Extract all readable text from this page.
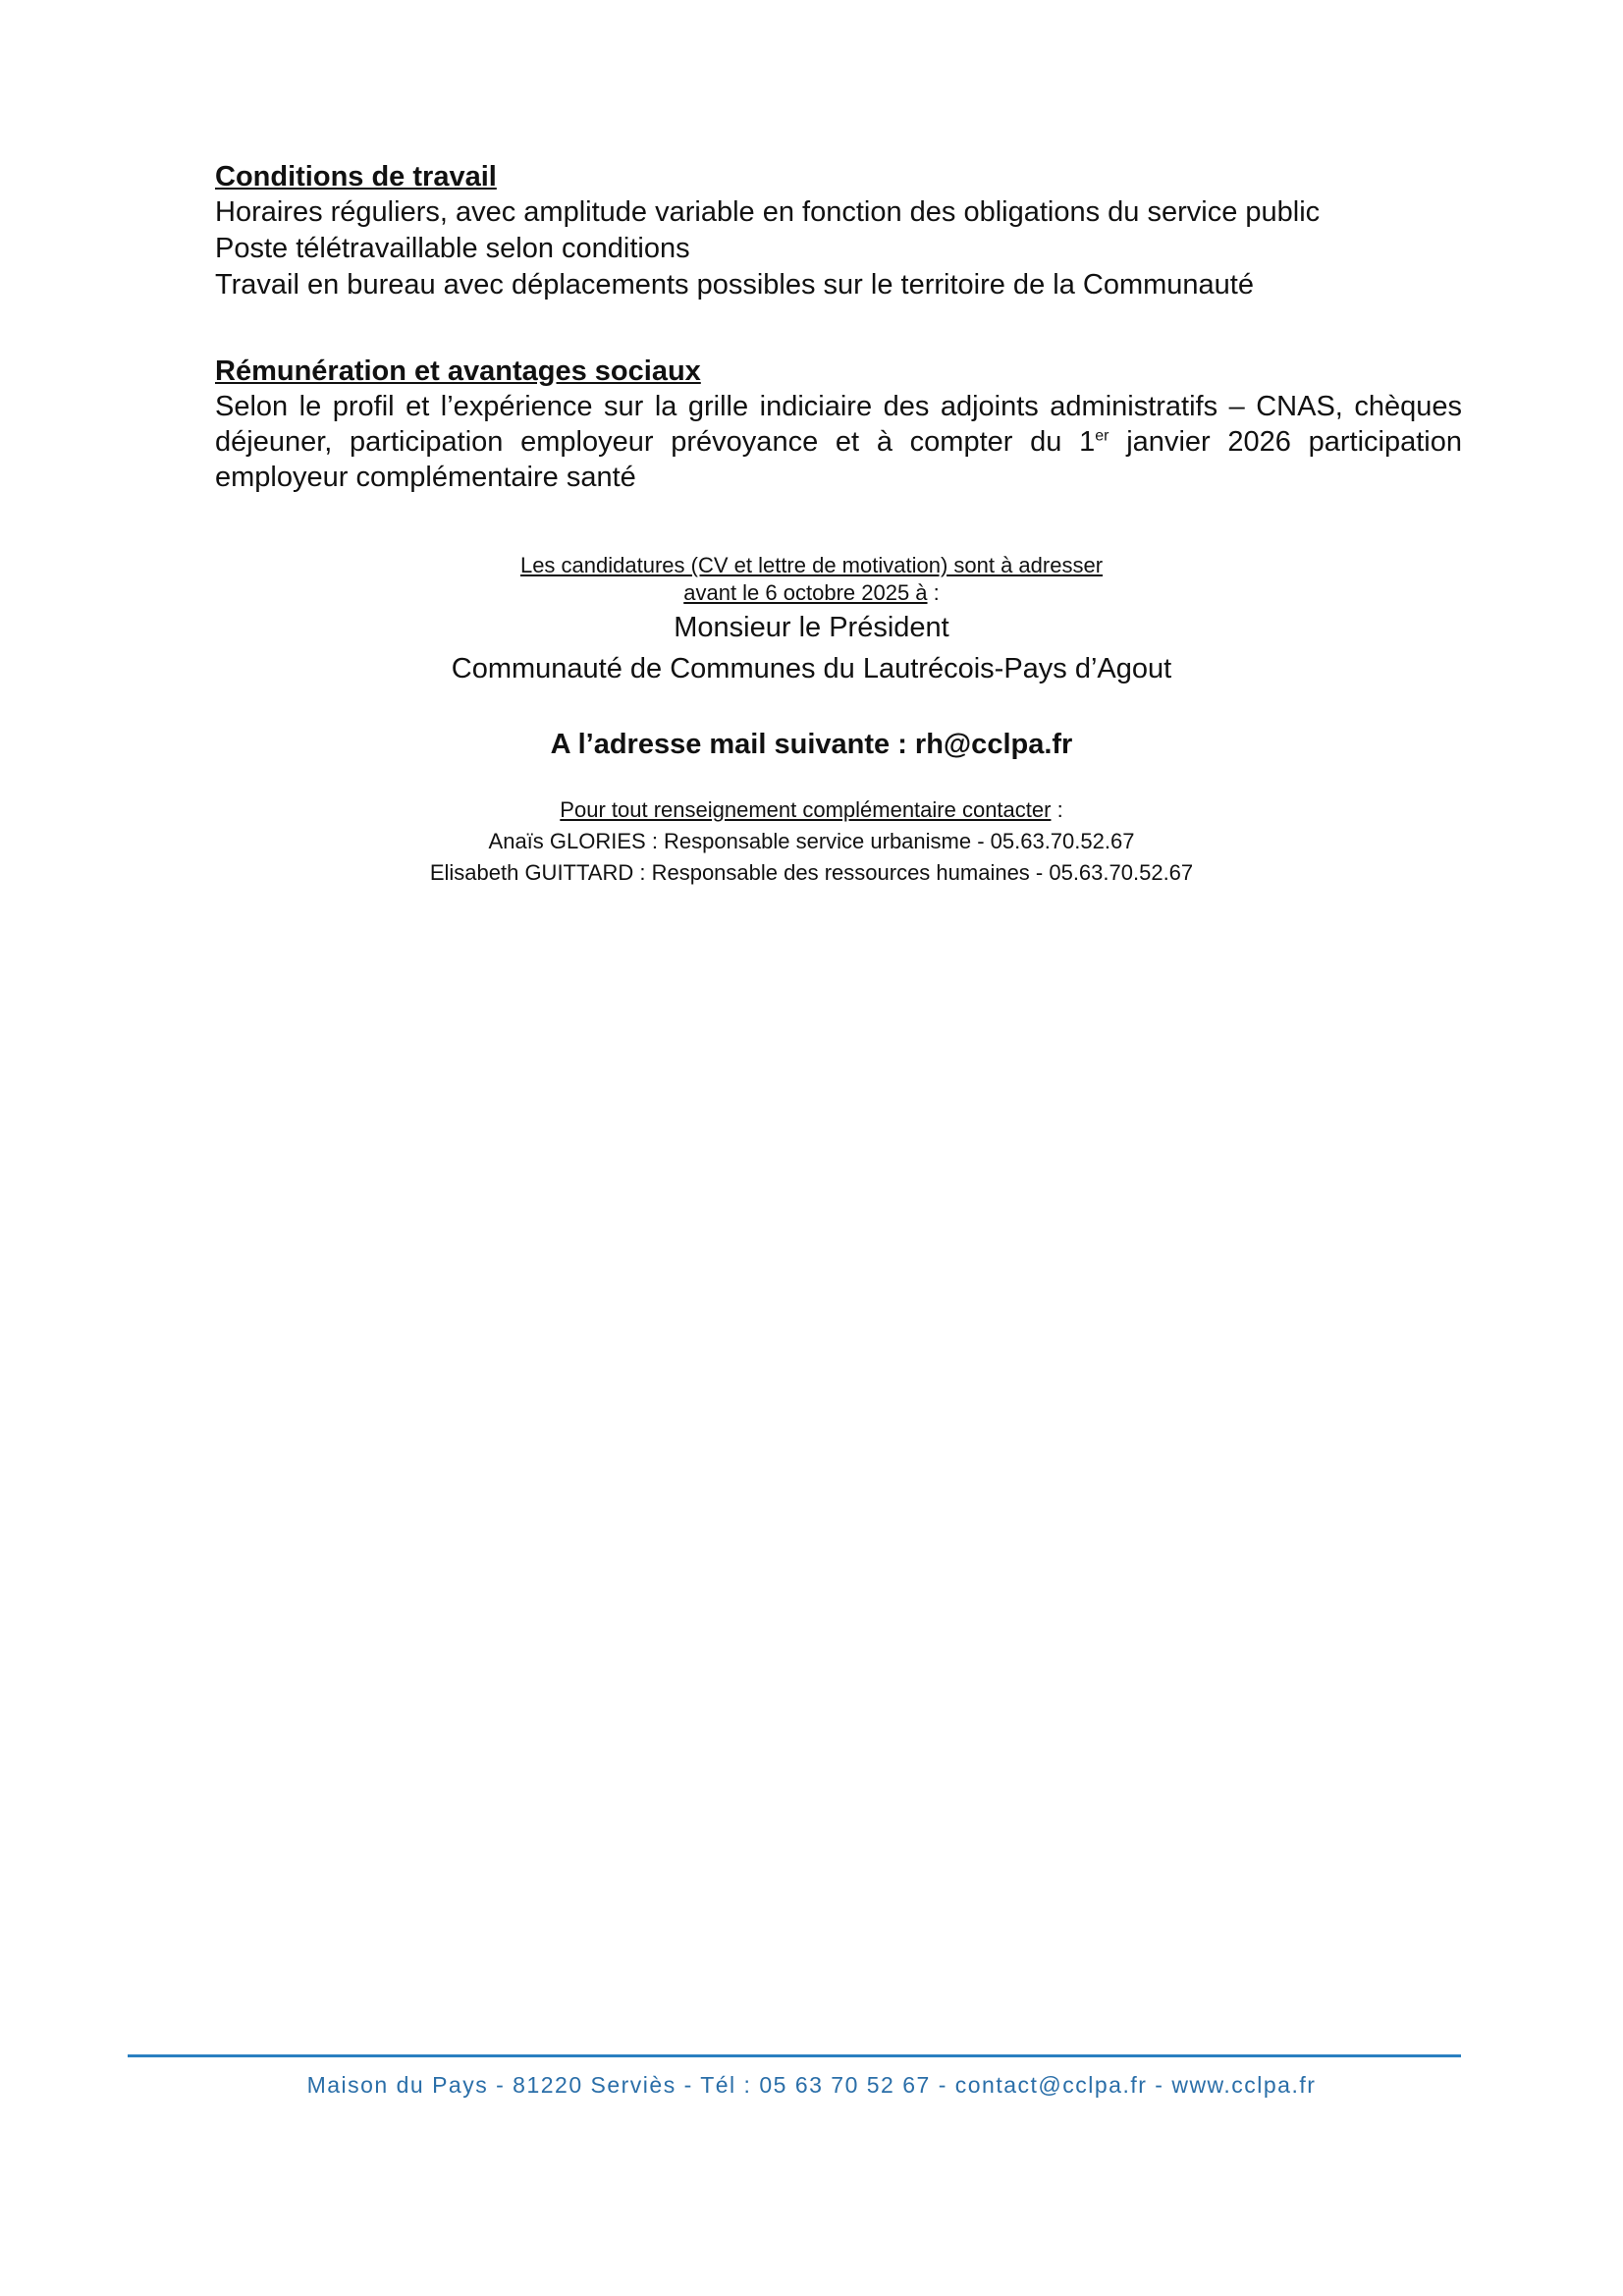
Conditions de travail

Horaires réguliers, avec amplitude variable en fonction des obligations du service public

Poste télétravaillable selon conditions

Travail en bureau avec déplacements possibles sur le territoire de la Communauté

Rémunération et avantages sociaux

Selon le profil et l’expérience sur la grille indiciaire des adjoints administratifs – CNAS, chèques déjeuner, participation employeur prévoyance et à compter du 1er janvier 2026 participation employeur complémentaire santé

Les candidatures (CV et lettre de motivation) sont à adresser
avant le 6 octobre 2025 à :
Monsieur le Président
Communauté de Communes du Lautrécois-Pays d’Agout
A l’adresse mail suivante : rh@cclpa.fr
Pour tout renseignement complémentaire contacter :
Anaïs GLORIES : Responsable service urbanisme - 05.63.70.52.67
Elisabeth GUITTARD : Responsable des ressources humaines - 05.63.70.52.67
Maison du Pays - 81220 Serviès - Tél : 05 63 70 52 67 - contact@cclpa.fr - www.cclpa.fr
